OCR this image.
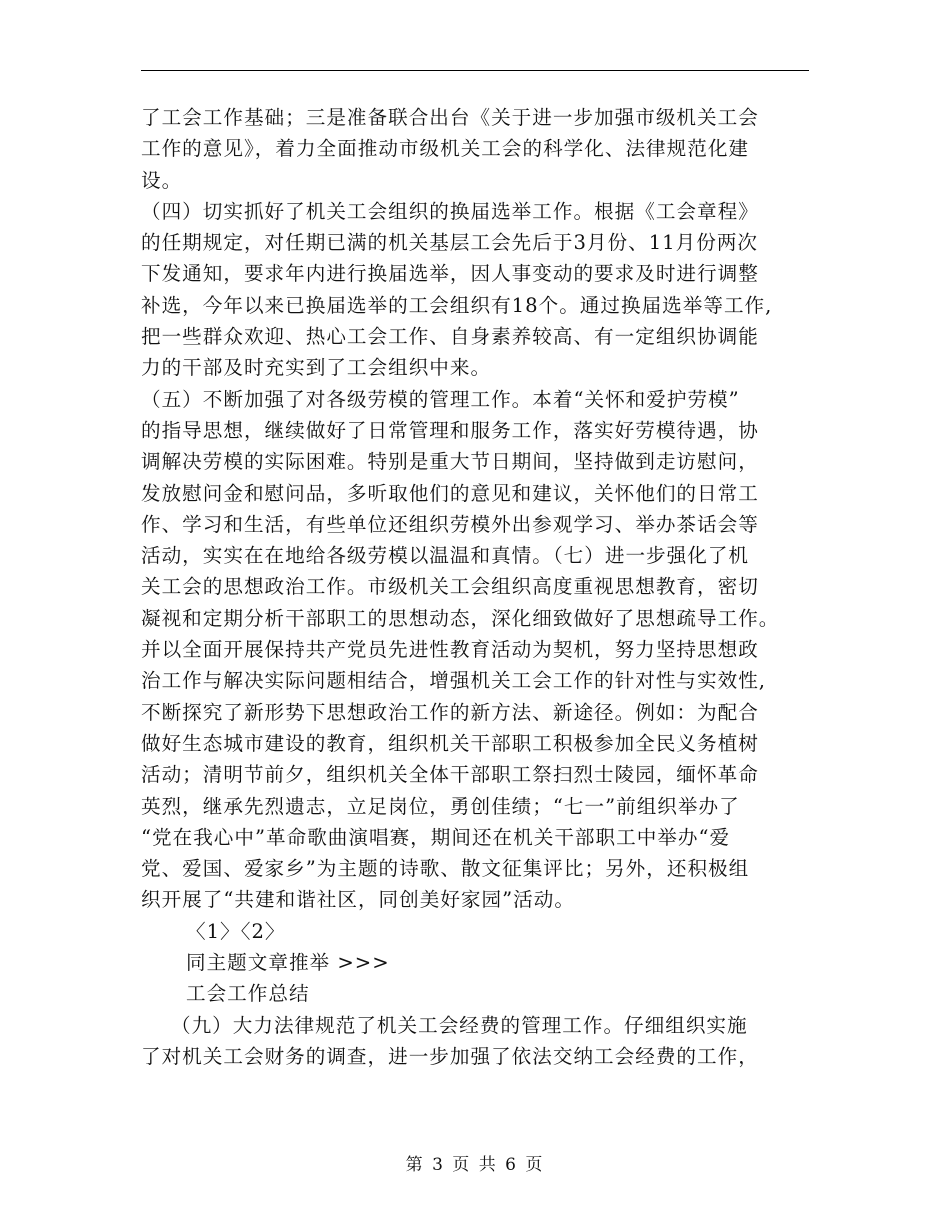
了工会工作基础；三是准备联合出台《关于进一步加强市级机关工会
工作的意见》，着力全面推动市级机关工会的科学化、法律规范化建
设。
（四）切实抓好了机关工会组织的换届选举工作。根据《工会章程》
的任期规定，对任期已满的机关基层工会先后于3月份、11月份两次
下发通知，要求年内进行换届选举，因人事变动的要求及时进行调整
补选，今年以来已换届选举的工会组织有18个。通过换届选举等工作,
把一些群众欢迎、热心工会工作、自身素养较高、有一定组织协调能
力的干部及时充实到了工会组织中来。
（五）不断加强了对各级劳模的管理工作。本着“关怀和爱护劳模”
的指导思想，继续做好了日常管理和服务工作，落实好劳模待遇，协
调解决劳模的实际困难。特别是重大节日期间，坚持做到走访慰问，
发放慰问金和慰问品，多听取他们的意见和建议，关怀他们的日常工
作、学习和生活，有些单位还组织劳模外出参观学习、举办茶话会等
活动，实实在在地给各级劳模以温温和真情。（七）进一步强化了机
关工会的思想政治工作。市级机关工会组织高度重视思想教育，密切
凝视和定期分析干部职工的思想动态，深化细致做好了思想疏导工作。
并以全面开展保持共产党员先进性教育活动为契机，努力坚持思想政
治工作与解决实际问题相结合，增强机关工会工作的针对性与实效性,
不断探究了新形势下思想政治工作的新方法、新途径。例如：为配合
做好生态城市建设的教育，组织机关干部职工积极参加全民义务植树
活动；清明节前夕，组织机关全体干部职工祭扫烈士陵园，缅怀革命
英烈，继承先烈遗志，立足岗位，勇创佳绩；“七一”前组织举办了
“党在我心中”革命歌曲演唱赛，期间还在机关干部职工中举办“爱
党、爱国、爱家乡”为主题的诗歌、散文征集评比；另外，还积极组
织开展了“共建和谐社区，同创美好家园”活动。
〈1〉〈2〉
同主题文章推举 >>>
工会工作总结
（九）大力法律规范了机关工会经费的管理工作。仔细组织实施
了对机关工会财务的调查，进一步加强了依法交纳工会经费的工作，
第 3 页 共 6 页
